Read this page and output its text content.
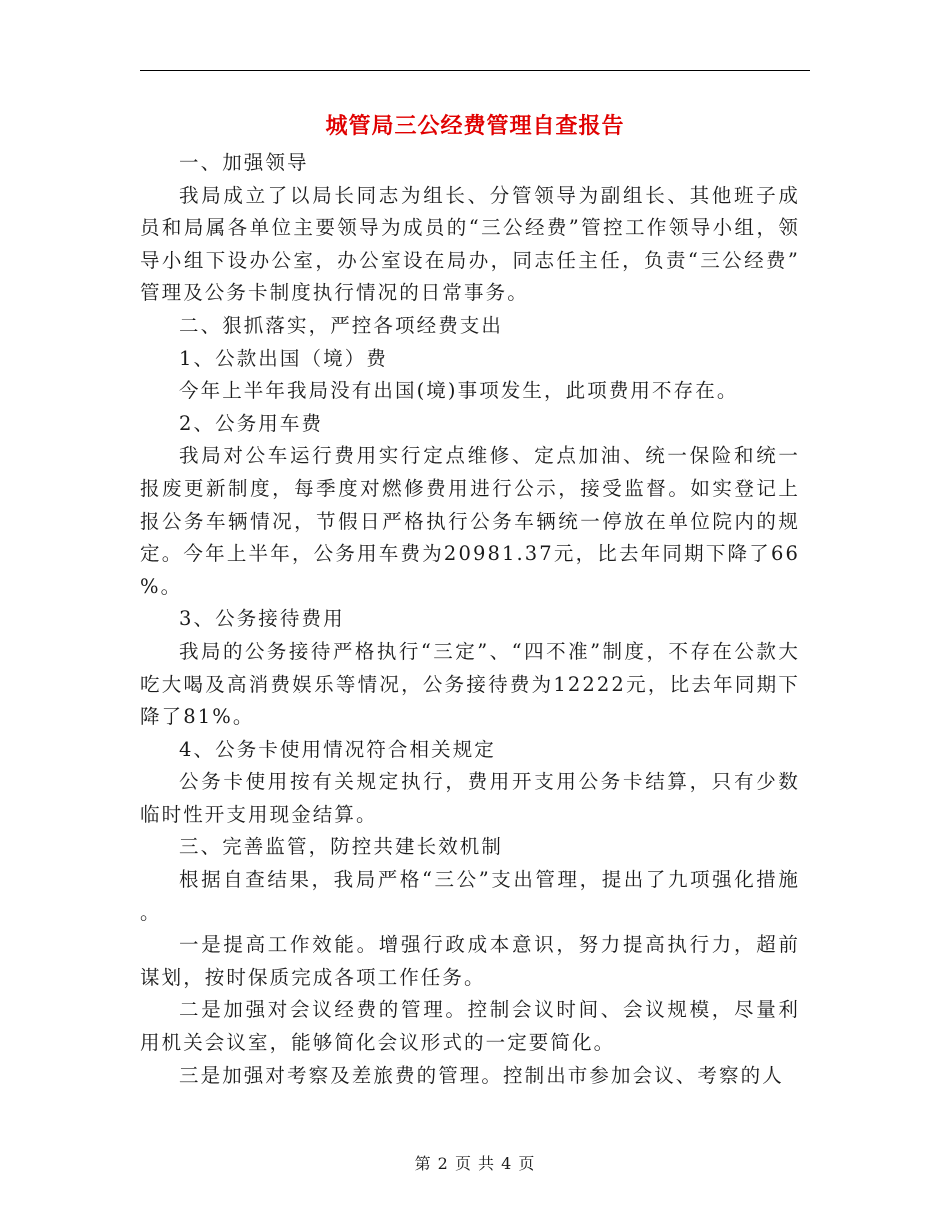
城管局三公经费管理自查报告

一、加强领导

我局成立了以局长同志为组长、分管领导为副组长、其他班子成员和局属各单位主要领导为成员的“三公经费”管控工作领导小组，领导小组下设办公室，办公室设在局办，同志任主任，负责“三公经费”管理及公务卡制度执行情况的日常事务。

二、狠抓落实，严控各项经费支出

1、公款出国（境）费

今年上半年我局没有出国(境)事项发生，此项费用不存在。

2、公务用车费

我局对公车运行费用实行定点维修、定点加油、统一保险和统一报废更新制度，每季度对燃修费用进行公示，接受监督。如实登记上报公务车辆情况，节假日严格执行公务车辆统一停放在单位院内的规定。今年上半年，公务用车费为20981.37元，比去年同期下降了66%。

3、公务接待费用

我局的公务接待严格执行“三定”、“四不准”制度，不存在公款大吃大喝及高消费娱乐等情况，公务接待费为12222元，比去年同期下降了81%。

4、公务卡使用情况符合相关规定

公务卡使用按有关规定执行，费用开支用公务卡结算，只有少数临时性开支用现金结算。

三、完善监管，防控共建长效机制

根据自查结果，我局严格“三公”支出管理，提出了九项强化措施。

一是提高工作效能。增强行政成本意识，努力提高执行力，超前谋划，按时保质完成各项工作任务。

二是加强对会议经费的管理。控制会议时间、会议规模，尽量利用机关会议室，能够简化会议形式的一定要简化。

三是加强对考察及差旅费的管理。控制出市参加会议、考察的人

第 2 页 共 4 页
